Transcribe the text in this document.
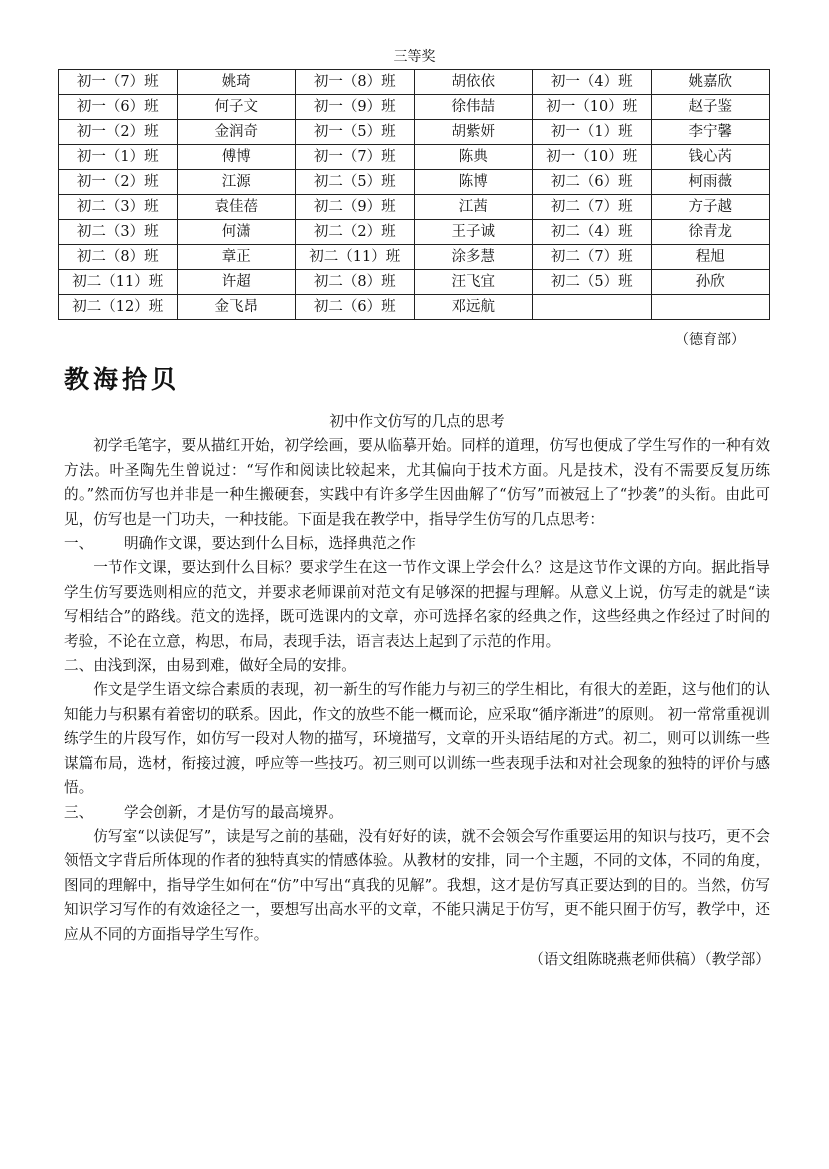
三等奖
初一（7）班	姚琦	初一（8）班	胡依依	初一（4）班	姚嘉欣
初一（6）班	何子文	初一（9）班	徐伟喆	初一（10）班	赵子鉴
初一（2）班	金润奇	初一（5）班	胡紫妍	初一（1）班	李宁馨
初一（1）班	傅博	初一（7）班	陈典	初一（10）班	钱心芮
初一（2）班	江源	初二（5）班	陈博	初二（6）班	柯雨薇
初二（3）班	袁佳蓓	初二（9）班	江茜	初二（7）班	方子越
初二（3）班	何潇	初二（2）班	王子诚	初二（4）班	徐青龙
初二（8）班	章正	初二（11）班	涂多慧	初二（7）班	程旭
初二（11）班	许超	初二（8）班	汪飞宜	初二（5）班	孙欣
初二（12）班	金飞昂	初二（6）班	邓远航		
（德育部）
教海拾贝
初中作文仿写的几点的思考

初学毛笔字，要从描红开始，初学绘画，要从临摹开始。同样的道理，仿写也便成了学生写作的一种有效方法。叶圣陶先生曾说过：“写作和阅读比较起来，尤其偏向于技术方面。凡是技术，没有不需要反复历练的。”然而仿写也并非是一种生搬硬套，实践中有许多学生因曲解了“仿写”而被冠上了“抄袭”的头衔。由此可见，仿写也是一门功夫，一种技能。下面是我在教学中，指导学生仿写的几点思考：

一、 明确作文课，要达到什么目标，选择典范之作

一节作文课，要达到什么目标？要求学生在这一节作文课上学会什么？这是这节作文课的方向。据此指导学生仿写要选则相应的范文，并要求老师课前对范文有足够深的把握与理解。从意义上说，仿写走的就是“读写相结合”的路线。范文的选择，既可选课内的文章，亦可选择名家的经典之作，这些经典之作经过了时间的考验，不论在立意，构思，布局，表现手法，语言表达上起到了示范的作用。

二、由浅到深，由易到难，做好全局的安排。

作文是学生语文综合素质的表现，初一新生的写作能力与初三的学生相比，有很大的差距，这与他们的认知能力与积累有着密切的联系。因此，作文的放些不能一概而论，应采取“循序渐进”的原则。 初一常常重视训练学生的片段写作，如仿写一段对人物的描写，环境描写，文章的开头语结尾的方式。初二，则可以训练一些谋篇布局，选材，衔接过渡，呼应等一些技巧。初三则可以训练一些表现手法和对社会现象的独特的评价与感悟。

三、 学会创新，才是仿写的最高境界。

仿写室“以读促写”，读是写之前的基础，没有好好的读，就不会领会写作重要运用的知识与技巧，更不会领悟文字背后所体现的作者的独特真实的情感体验。从教材的安排，同一个主题，不同的文体，不同的角度，图同的理解中，指导学生如何在“仿”中写出“真我的见解”。我想，这才是仿写真正要达到的目的。当然，仿写知识学习写作的有效途径之一，要想写出高水平的文章，不能只满足于仿写，更不能只囿于仿写，教学中，还应从不同的方面指导学生写作。

（语文组陈晓燕老师供稿）（教学部）
